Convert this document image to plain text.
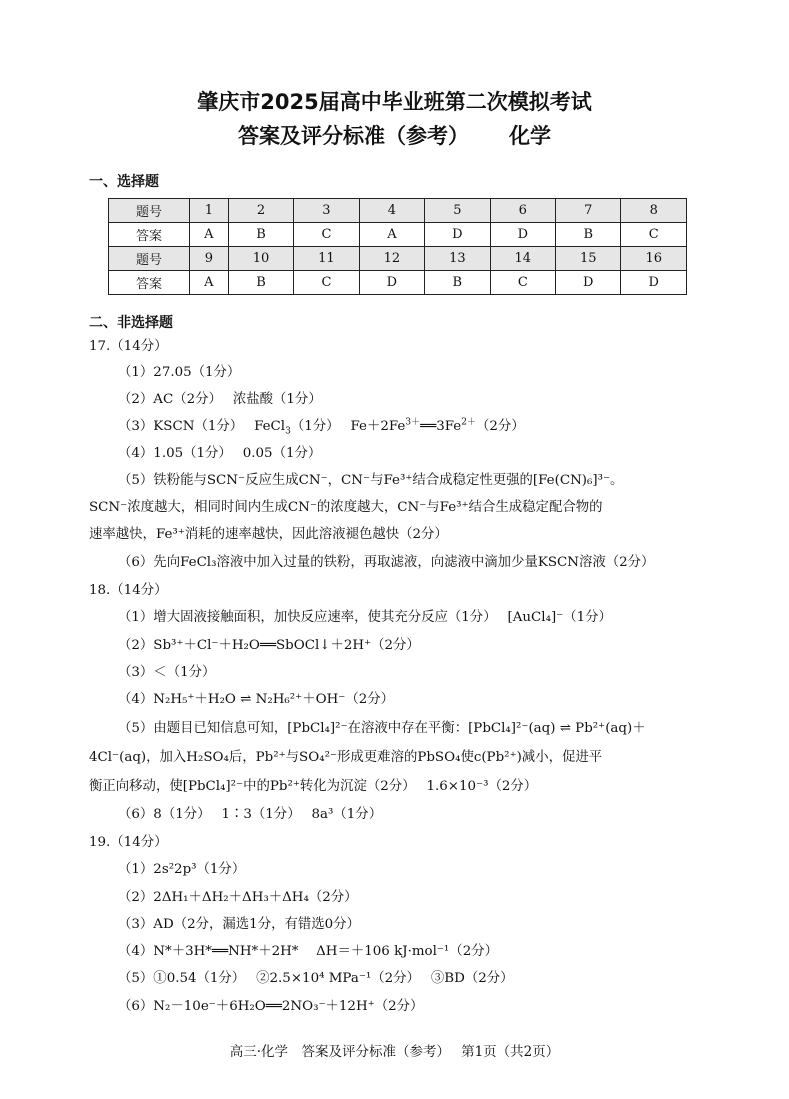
肇庆市2025届高中毕业班第二次模拟考试
答案及评分标准（参考） 化学
一、选择题
题号	1	2	3	4	5	6	7	8
答案	A	B	C	A	D	D	B	C
题号	9	10	11	12	13	14	15	16
答案	A	B	C	D	B	C	D	D
二、非选择题
17.（14分）
（1）27.05（1分）
（2）AC（2分）　 浓盐酸（1分）
（3）KSCN（1分）　 FeCl$_3$（1分）　 $Fe+2Fe^{3+}══3Fe^{2+}(2$分）
（4）1.05（1分）　 0.05（1分）
（5）铁粉能与SCN⁻反应生成CN⁻，CN⁻与Fe³⁺结合成稳定性更强的[Fe(CN)₆]³⁻。
SCN⁻浓度越大，相同时间内生成CN⁻的浓度越大，CN⁻与Fe³⁺结合生成稳定配合物的
速率越快，Fe³⁺消耗的速率越快，因此溶液褪色越快（2分）
（6）先向FeCl₃溶液中加入过量的铁粉，再取滤液，向滤液中滴加少量KSCN溶液（2分）
18.（14分）
（1）增大固液接触面积，加快反应速率，使其充分反应（1分）　 [AuCl₄]⁻（1分）
（2）Sb³⁺＋Cl⁻＋H₂O══SbOCl↓＋2H⁺（2分）
（3）＜（1分）
（4）N₂H₅⁺＋H₂O ⇌ N₂H₆²⁺＋OH⁻（2分）
（5）由题目已知信息可知，[PbCl₄]²⁻在溶液中存在平衡：[PbCl₄]²⁻(aq) ⇌ Pb²⁺(aq)＋
4Cl⁻(aq)，加入H₂SO₄后，Pb²⁺与SO₄²⁻形成更难溶的PbSO₄使c(Pb²⁺)减小，促进平
衡正向移动，使[PbCl₄]²⁻中的Pb²⁺转化为沉淀（2分）　 1.6×10⁻³（2分）
（6）8（1分）　 1∶3（1分）　 8a³（1分）
19.（14分）
（1）2s²2p³（1分）
（2）2ΔH₁＋ΔH₂＋ΔH₃＋ΔH₄（2分）
（3）AD（2分，漏选1分，有错选0分）
（4）N*＋3H*══NH*＋2H*　 ΔH＝＋106 kJ·mol⁻¹（2分）
（5）①0.54（1分）　 ②2.5×10⁴ MPa⁻¹（2分）　 ③BD（2分）
（6）N₂－10e⁻＋6H₂O══2NO₃⁻＋12H⁺（2分）
高三·化学　答案及评分标准（参考）　 第1页（共2页）
